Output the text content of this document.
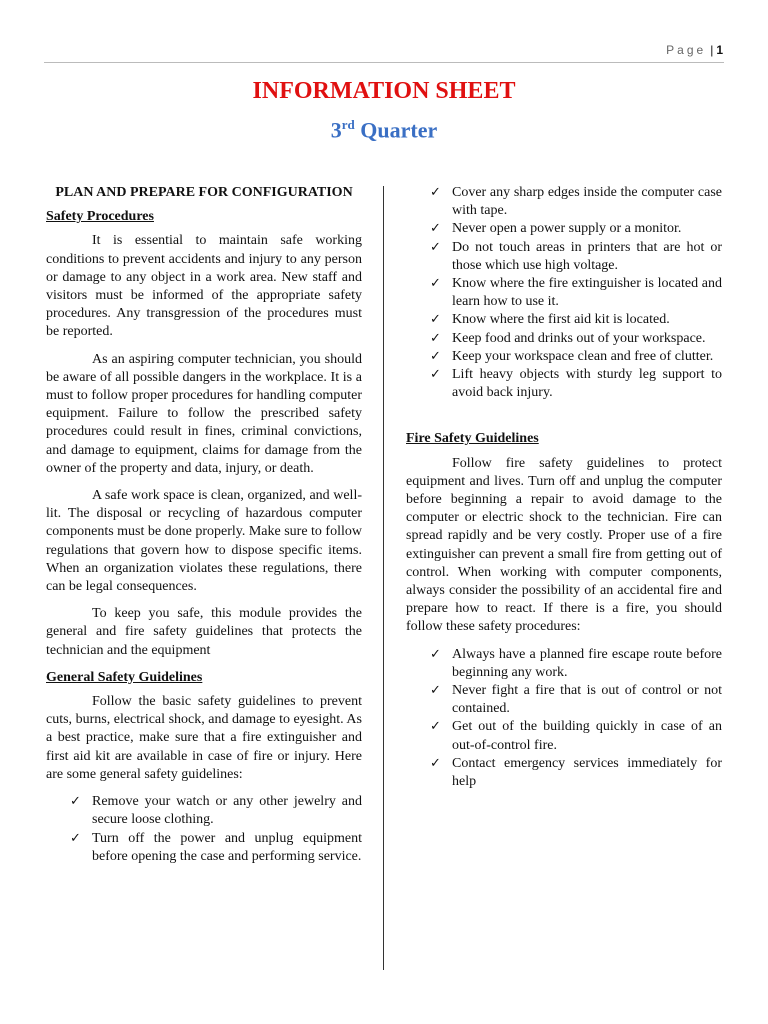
Page | 1
INFORMATION SHEET
3rd Quarter
PLAN AND PREPARE FOR CONFIGURATION
Safety Procedures

It is essential to maintain safe working conditions to prevent accidents and injury to any person or damage to any object in a work area. New staff and visitors must be informed of the appropriate safety procedures. Any transgression of the procedures must be reported.

As an aspiring computer technician, you should be aware of all possible dangers in the workplace. It is a must to follow proper procedures for handling computer equipment. Failure to follow the prescribed safety procedures could result in fines, criminal convictions, and damage to equipment, claims for damage from the owner of the property and data, injury, or death.

A safe work space is clean, organized, and well-lit. The disposal or recycling of hazardous computer components must be done properly. Make sure to follow regulations that govern how to dispose specific items. When an organization violates these regulations, there can be legal consequences.

To keep you safe, this module provides the general and fire safety guidelines that protects the technician and the equipment

General Safety Guidelines

Follow the basic safety guidelines to prevent cuts, burns, electrical shock, and damage to eyesight. As a best practice, make sure that a fire extinguisher and first aid kit are available in case of fire or injury. Here are some general safety guidelines:

✓ Remove your watch or any other jewelry and secure loose clothing.
✓ Turn off the power and unplug equipment before opening the case and performing service.
✓ Cover any sharp edges inside the computer case with tape.
✓ Never open a power supply or a monitor.
✓ Do not touch areas in printers that are hot or those which use high voltage.
✓ Know where the fire extinguisher is located and learn how to use it.
✓ Know where the first aid kit is located.
✓ Keep food and drinks out of your workspace.
✓ Keep your workspace clean and free of clutter.
✓ Lift heavy objects with sturdy leg support to avoid back injury.
Fire Safety Guidelines

Follow fire safety guidelines to protect equipment and lives. Turn off and unplug the computer before beginning a repair to avoid damage to the computer or electric shock to the technician. Fire can spread rapidly and be very costly. Proper use of a fire extinguisher can prevent a small fire from getting out of control. When working with computer components, always consider the possibility of an accidental fire and prepare how to react. If there is a fire, you should follow these safety procedures:

✓ Always have a planned fire escape route before beginning any work.
✓ Never fight a fire that is out of control or not contained.
✓ Get out of the building quickly in case of an out-of-control fire.
✓ Contact emergency services immediately for help
